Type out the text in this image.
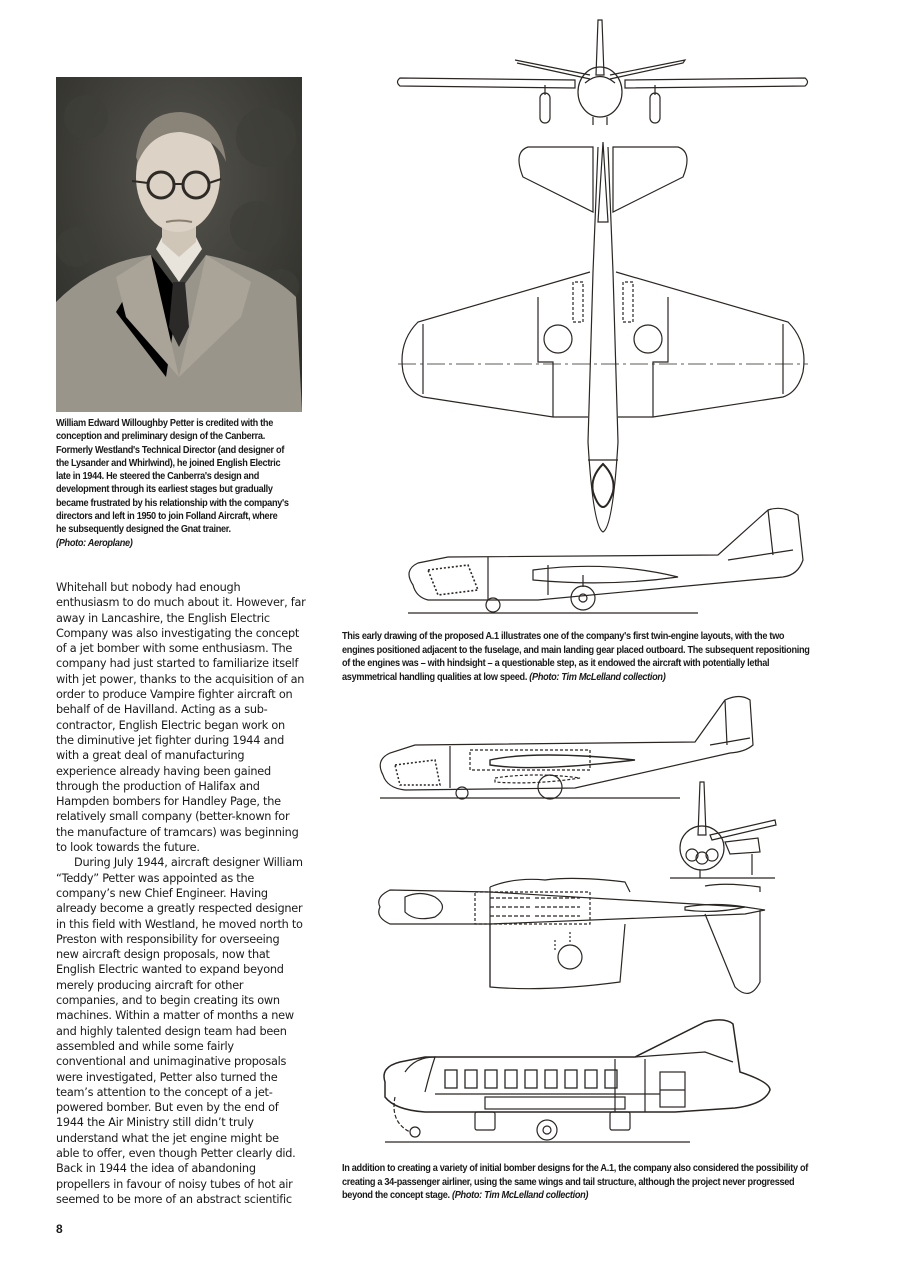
William Edward Willoughby Petter is credited with the
conception and preliminary design of the Canberra.
Formerly Westland's Technical Director (and designer of
the Lysander and Whirlwind), he joined English Electric
late in 1944. He steered the Canberra's design and
development through its earliest stages but gradually
became frustrated by his relationship with the company's
directors and left in 1950 to join Folland Aircraft, where
he subsequently designed the Gnat trainer.
(Photo: Aeroplane)

Whitehall but nobody had enough
enthusiasm to do much about it. However, far
away in Lancashire, the English Electric
Company was also investigating the concept
of a jet bomber with some enthusiasm. The
company had just started to familiarize itself
with jet power, thanks to the acquisition of an
order to produce Vampire fighter aircraft on
behalf of de Havilland. Acting as a sub-
contractor, English Electric began work on
the diminutive jet fighter during 1944 and
with a great deal of manufacturing
experience already having been gained
through the production of Halifax and
Hampden bombers for Handley Page, the
relatively small company (better-known for
the manufacture of tramcars) was beginning
to look towards the future.

During July 1944, aircraft designer William
“Teddy” Petter was appointed as the
company’s new Chief Engineer. Having
already become a greatly respected designer
in this field with Westland, he moved north to
Preston with responsibility for overseeing
new aircraft design proposals, now that
English Electric wanted to expand beyond
merely producing aircraft for other
companies, and to begin creating its own
machines. Within a matter of months a new
and highly talented design team had been
assembled and while some fairly
conventional and unimaginative proposals
were investigated, Petter also turned the
team’s attention to the concept of a jet-
powered bomber. But even by the end of
1944 the Air Ministry still didn’t truly
understand what the jet engine might be
able to offer, even though Petter clearly did.
Back in 1944 the idea of abandoning
propellers in favour of noisy tubes of hot air
seemed to be more of an abstract scientific

8
This early drawing of the proposed A.1 illustrates one of the company's first twin-engine layouts, with the two
engines positioned adjacent to the fuselage, and main landing gear placed outboard. The subsequent repositioning
of the engines was – with hindsight – a questionable step, as it endowed the aircraft with potentially lethal
asymmetrical handling qualities at low speed. (Photo: Tim McLelland collection)
In addition to creating a variety of initial bomber designs for the A.1, the company also considered the possibility of
creating a 34-passenger airliner, using the same wings and tail structure, although the project never progressed
beyond the concept stage. (Photo: Tim McLelland collection)
